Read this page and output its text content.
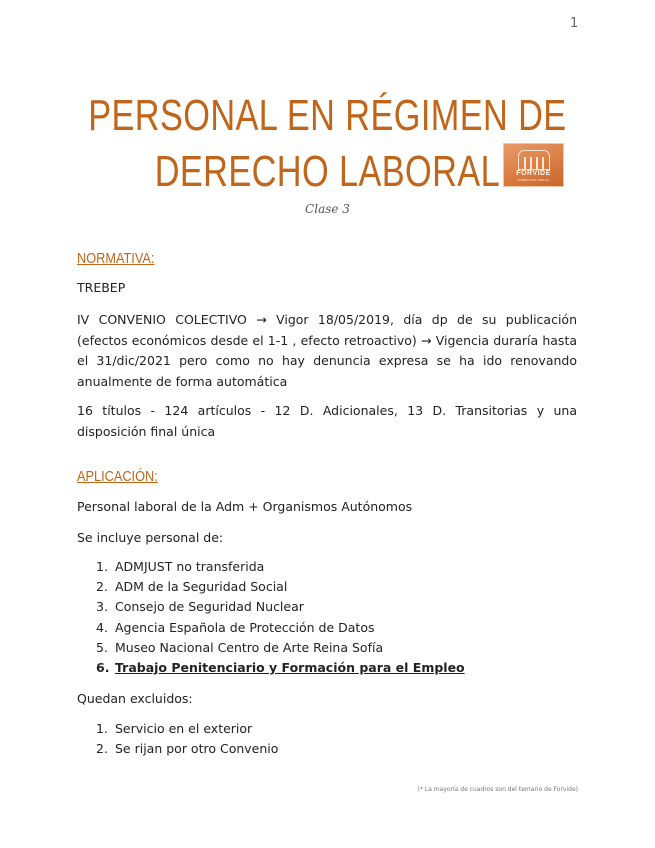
1
PERSONAL EN RÉGIMEN DE
DERECHO LABORAL	FORVIDE
FORMACIÓN VIRTUAL
Clase 3
NORMATIVA:
TREBEP
IV CONVENIO COLECTIVO → Vigor 18/05/2019, día dp de su publicación (efectos económicos desde el 1-1 , efecto retroactivo) → Vigencia duraría hasta el 31/dic/2021 pero como no hay denuncia expresa se ha ido renovando anualmente de forma automática
16 títulos - 124 artículos - 12 D. Adicionales, 13 D. Transitorias y una disposición final única
APLICACIÓN:
Personal laboral de la Adm + Organismos Autónomos
Se incluye personal de:
1. ADMJUST no transferida
2. ADM de la Seguridad Social
3. Consejo de Seguridad Nuclear
4. Agencia Española de Protección de Datos
5. Museo Nacional Centro de Arte Reina Sofía
6. Trabajo Penitenciario y Formación para el Empleo
Quedan excluidos:
1. Servicio en el exterior
2. Se rijan por otro Convenio
(* La mayoría de cuadros son del temario de Forvide)
